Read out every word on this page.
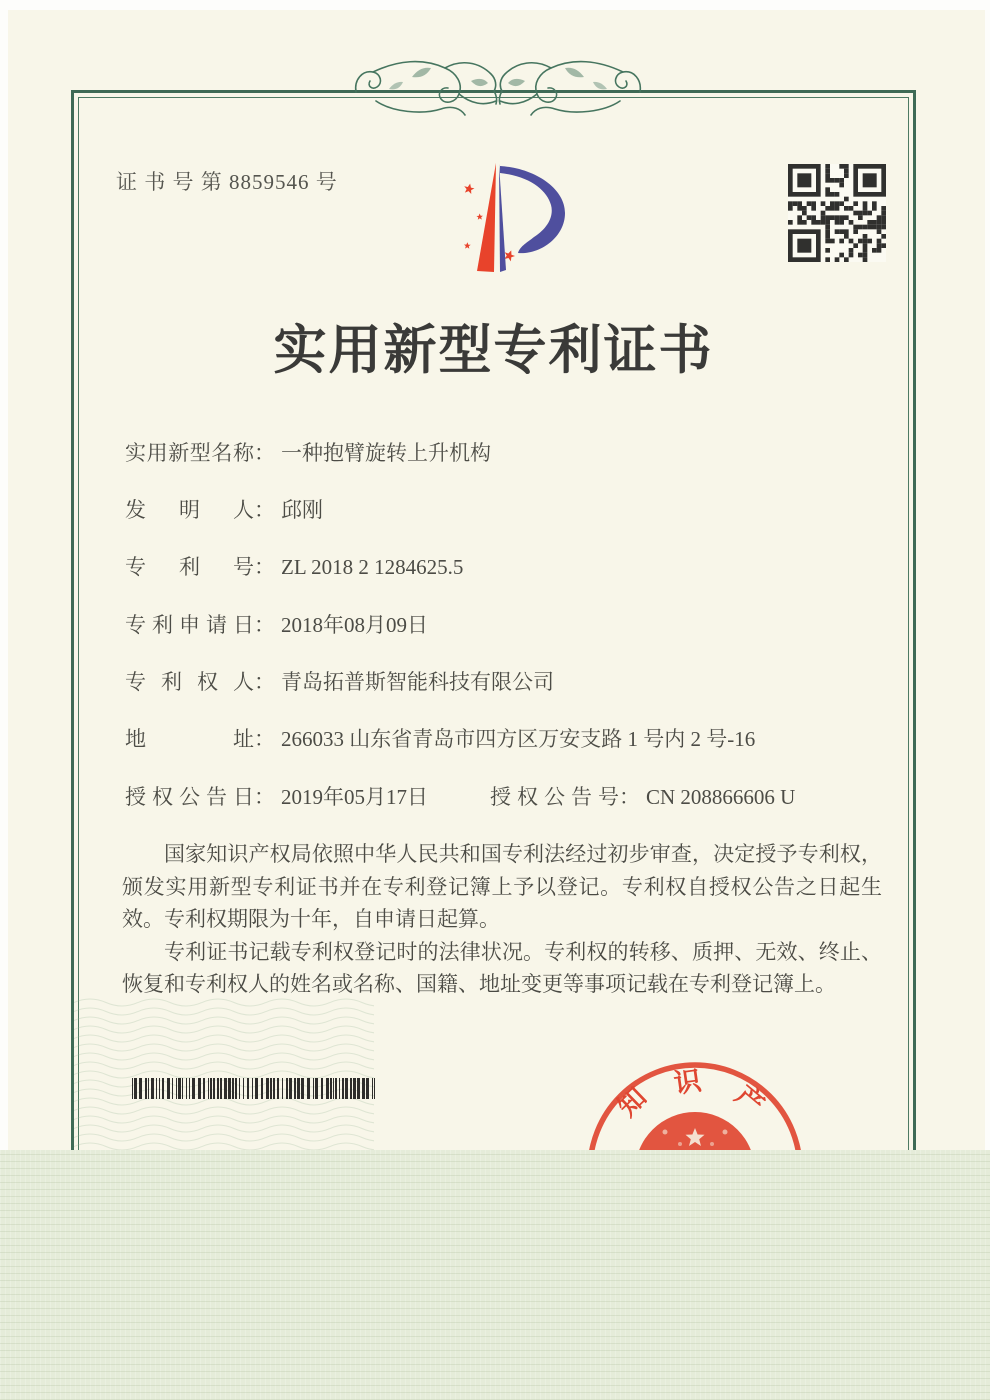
证 书 号 第 8859546 号
实用新型专利证书
实用新型名称： 一种抱臂旋转上升机构
发明人： 邱刚
专利号： ZL 2018 2 1284625.5
专利申请日： 2018年08月09日
专利权人： 青岛拓普斯智能科技有限公司
地址： 266033 山东省青岛市四方区万安支路 1 号内 2 号-16
授权公告日： 2019年05月17日	授权公告号： CN 208866606 U

国家知识产权局依照中华人民共和国专利法经过初步审查，决定授予专利权，颁发实用新型专利证书并在专利登记簿上予以登记。专利权自授权公告之日起生效。专利权期限为十年，自申请日起算。

专利证书记载专利权登记时的法律状况。专利权的转移、质押、无效、终止、恢复和专利权人的姓名或名称、国籍、地址变更等事项记载在专利登记簿上。

知 识 产
